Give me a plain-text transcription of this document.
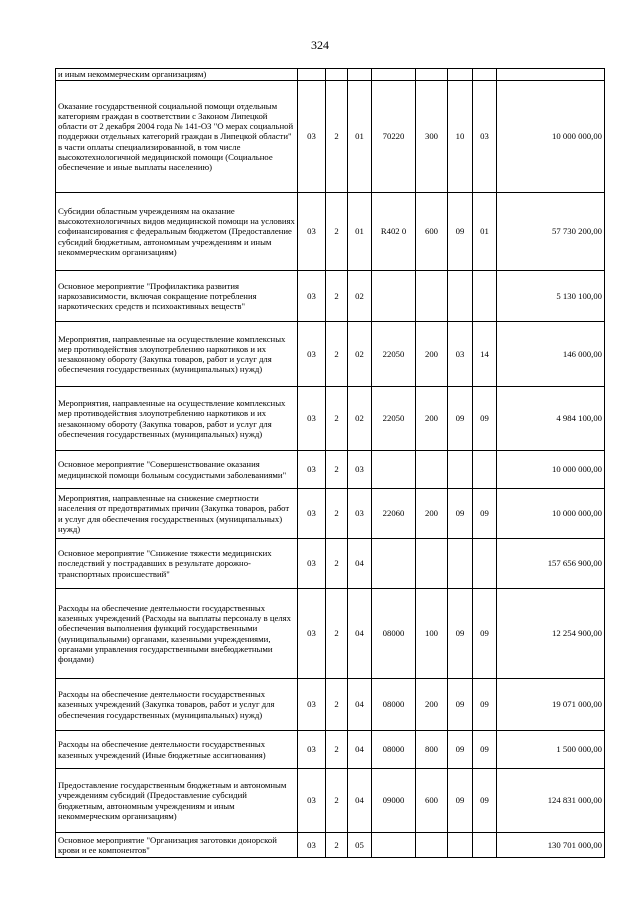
324
и иным некоммерческим организациям)								
Оказание государственной социальной помощи отдельным категориям граждан в соответствии с Законом Липецкой области от 2 декабря 2004 года № 141-ОЗ "О мерах социальной поддержки отдельных категорий граждан в Липецкой области" в части оплаты специализированной, в том числе высокотехнологичной медицинской помощи (Социальное обеспечение и иные выплаты населению)	03	2	01	70220	300	10	03	10 000 000,00
Субсидии областным учреждениям на оказание высокотехнологичных видов медицинской помощи на условиях софинансирования с федеральным бюджетом (Предоставление субсидий бюджетным, автономным учреждениям и иным некоммерческим организациям)	03	2	01	R402 0	600	09	01	57 730 200,00
Основное мероприятие "Профилактика развития наркозависимости, включая сокращение потребления наркотических средств и психоактивных веществ"	03	2	02					5 130 100,00
Мероприятия, направленные на осуществление комплексных мер противодействия злоупотреблению наркотиков и их незаконному обороту (Закупка товаров, работ и услуг для обеспечения государственных (муниципальных) нужд)	03	2	02	22050	200	03	14	146 000,00
Мероприятия, направленные на осуществление комплексных мер противодействия злоупотреблению наркотиков и их незаконному обороту (Закупка товаров, работ и услуг для обеспечения государственных (муниципальных) нужд)	03	2	02	22050	200	09	09	4 984 100,00
Основное мероприятие "Совершенствование оказания медицинской помощи больным сосудистыми заболеваниями"	03	2	03					10 000 000,00
Мероприятия, направленные на снижение смертности населения от предотвратимых причин (Закупка товаров, работ и услуг для обеспечения государственных (муниципальных) нужд)	03	2	03	22060	200	09	09	10 000 000,00
Основное мероприятие "Снижение тяжести медицинских последствий у пострадавших в результате дорожно-транспортных происшествий"	03	2	04					157 656 900,00
Расходы на обеспечение деятельности государственных казенных учреждений (Расходы на выплаты персоналу в целях обеспечения выполнения функций государственными (муниципальными) органами, казенными учреждениями, органами управления государственными внебюджетными фондами)	03	2	04	08000	100	09	09	12 254 900,00
Расходы на обеспечение деятельности государственных казенных учреждений (Закупка товаров, работ и услуг для обеспечения государственных (муниципальных) нужд)	03	2	04	08000	200	09	09	19 071 000,00
Расходы на обеспечение деятельности государственных казенных учреждений (Иные бюджетные ассигнования)	03	2	04	08000	800	09	09	1 500 000,00
Предоставление государственным бюджетным и автономным учреждениям субсидий (Предоставление субсидий бюджетным, автономным учреждениям и иным некоммерческим организациям)	03	2	04	09000	600	09	09	124 831 000,00
Основное мероприятие "Организация заготовки донорской крови и ее компонентов"	03	2	05					130 701 000,00
